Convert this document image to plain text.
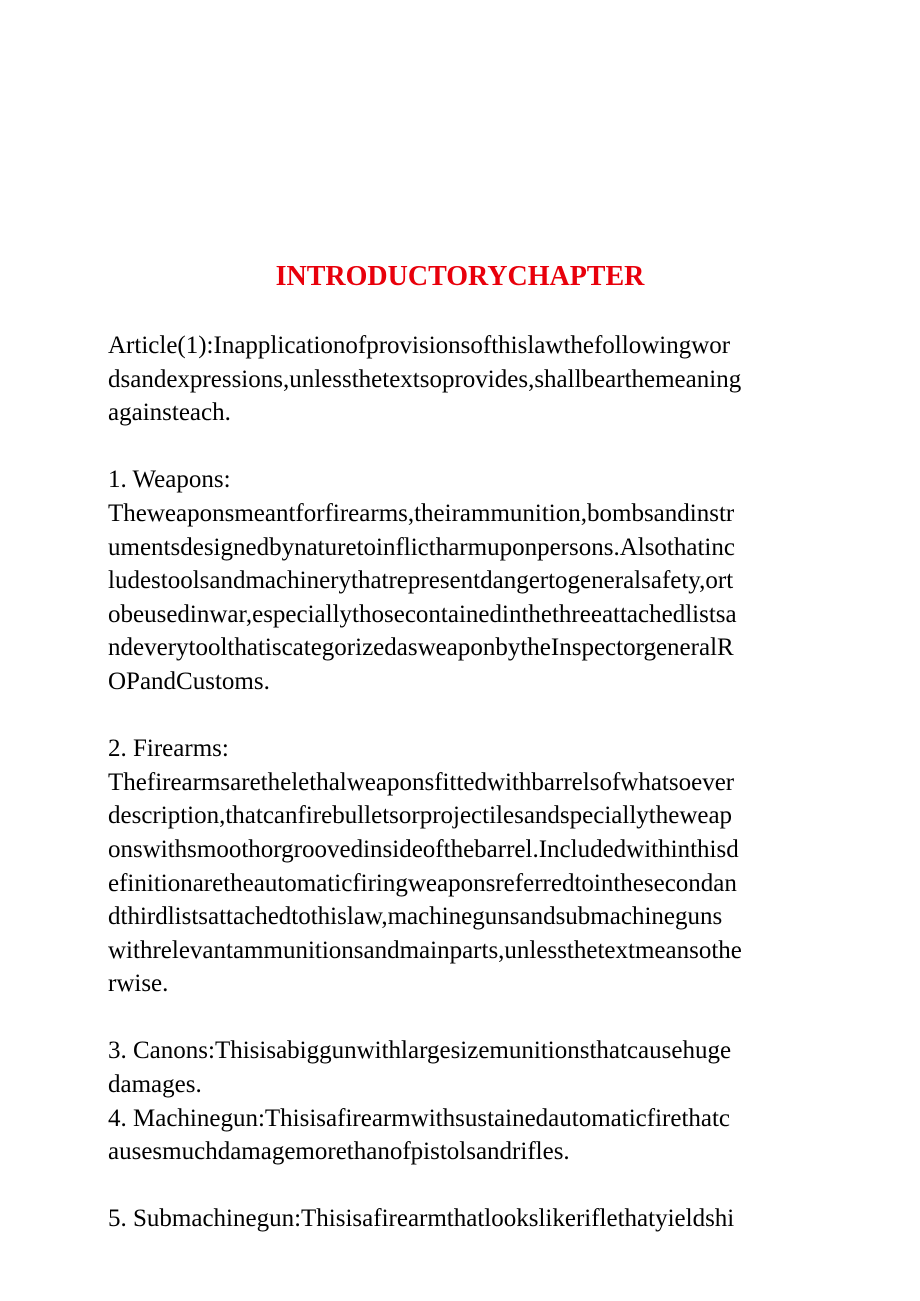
INTRODUCTORYCHAPTER
Article(1):Inapplicationofprovisionsofthislawthefollowingwor
dsandexpressions,unlessthetextsoprovides,shallbearthemeaning
againsteach.
1. Weapons:
Theweaponsmeantforfirearms,theirammunition,bombsandinstr
umentsdesignedbynaturetoinflictharmuponpersons.Alsothatinc
ludestoolsandmachinerythatrepresentdangertogeneralsafety,ort
obeusedinwar,especiallythosecontainedinthethreeattachedlistsa
ndeverytoolthatiscategorizedasweaponbytheInspectorgeneralR
OPandCustoms.
2. Firearms:
Thefirearmsarethelethalweaponsfittedwithbarrelsofwhatsoever
description,thatcanfirebulletsorprojectilesandspeciallytheweap
onswithsmoothorgroovedinsideofthebarrel.Includedwithinthisd
efinitionaretheautomaticfiringweaponsreferredtointhesecondan
dthirdlistsattachedtothislaw,machinegunsandsubmachineguns
withrelevantammunitionsandmainparts,unlessthetextmeansothe
rwise.
3. Canons:Thisisabiggunwithlargesizemunitionsthatcausehuge
damages.
4. Machinegun:Thisisafirearmwithsustainedautomaticfirethatc
ausesmuchdamagemorethanofpistolsandrifles.
5. Submachinegun:Thisisafirearmthatlookslikeriflethatyieldshi
